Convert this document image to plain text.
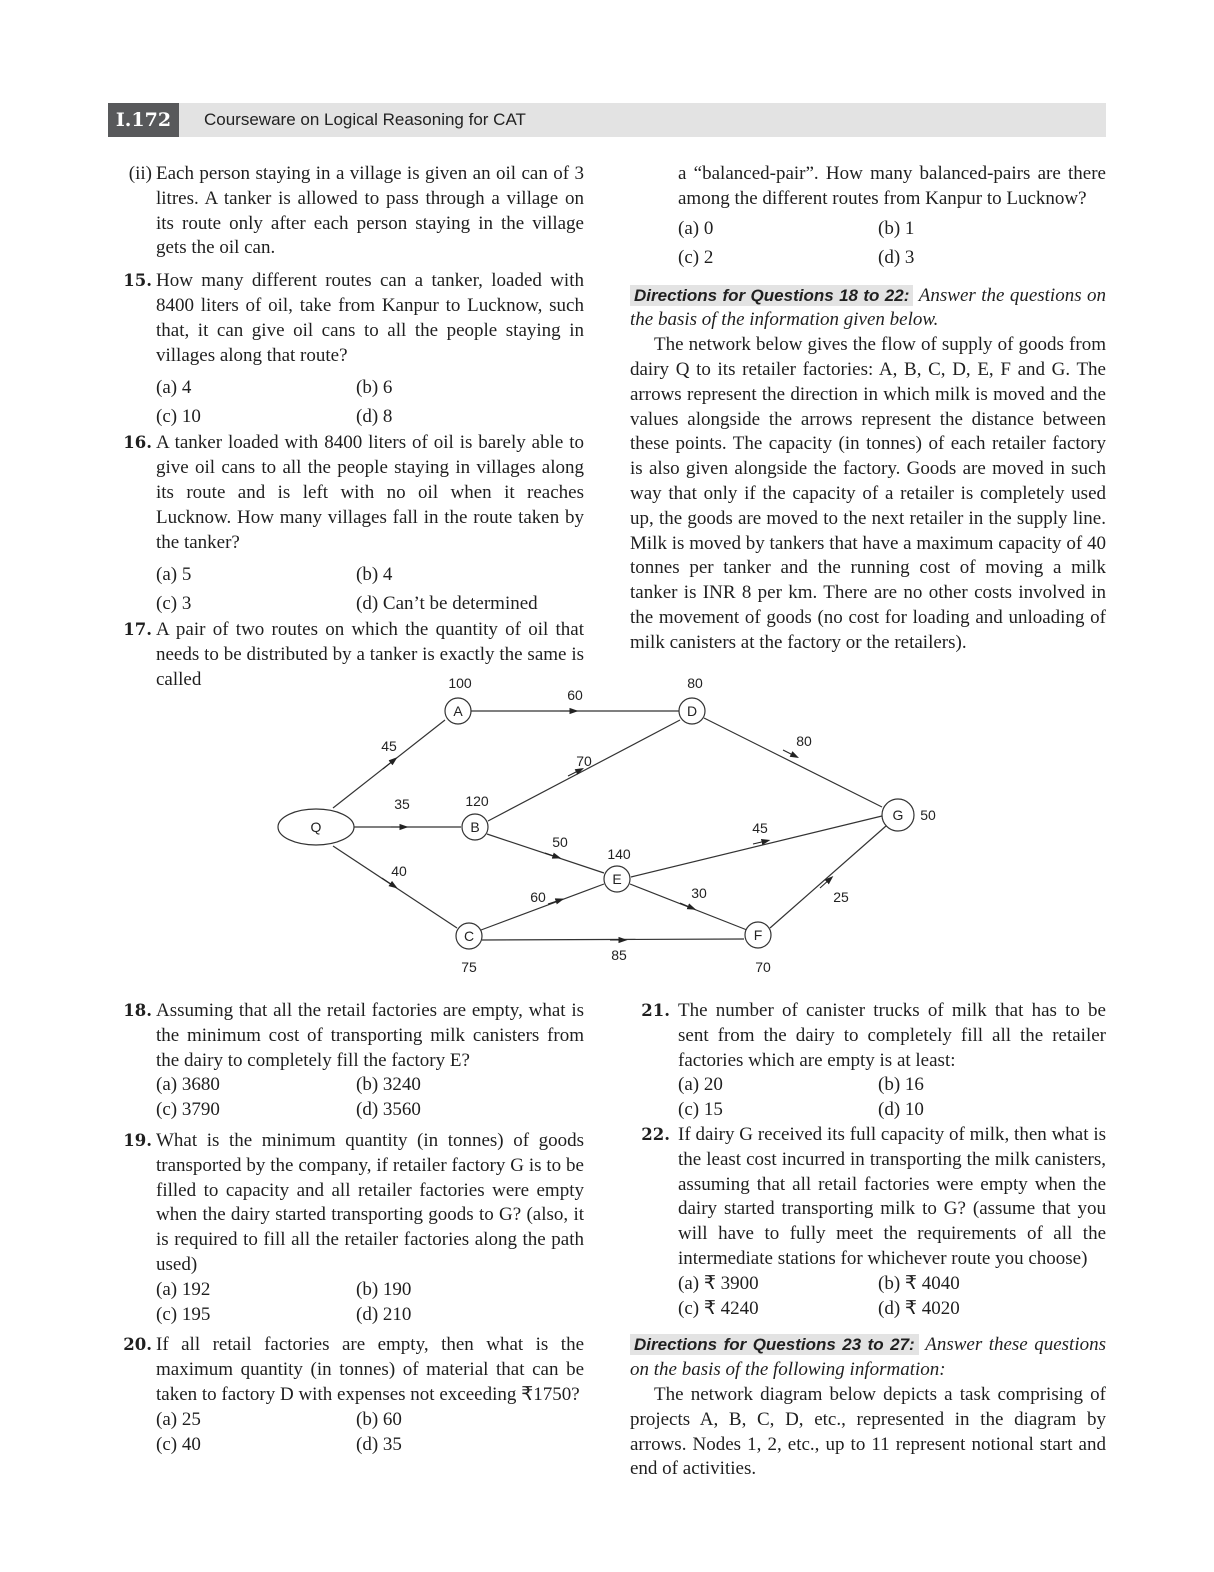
I.172	Courseware on Logical Reasoning for CAT
(ii) Each person staying in a village is given an oil can of 3 litres. A tanker is allowed to pass through a village on its route only after each person staying in the village gets the oil can.
15. How many different routes can a tanker, loaded with 8400 liters of oil, take from Kanpur to Lucknow, such that, it can give oil cans to all the people staying in villages along that route?
(a) 4	(b) 6
(c) 10	(d) 8
16. A tanker loaded with 8400 liters of oil is barely able to give oil cans to all the people staying in villages along its route and is left with no oil when it reaches Lucknow. How many villages fall in the route taken by the tanker?
(a) 5	(b) 4
(c) 3	(d) Can’t be determined
17. A pair of two routes on which the quantity of oil that needs to be distributed by a tanker is exactly the same is called
a “balanced-pair”. How many balanced-pairs are there among the different routes from Kanpur to Lucknow?
(a) 0	(b) 1
(c) 2	(d) 3
Directions for Questions 18 to 22: Answer the questions on the basis of the information given below.
The network below gives the flow of supply of goods from dairy Q to its retailer factories: A, B, C, D, E, F and G. The arrows represent the direction in which milk is moved and the values alongside the arrows represent the distance between these points. The capacity (in tonnes) of each retailer factory is also given alongside the factory. Goods are moved in such way that only if the capacity of a retailer is completely used up, the goods are moved to the next retailer in the supply line. Milk is moved by tankers that have a maximum capacity of 40 tonnes per tanker and the running cost of moving a milk tanker is INR 8 per km. There are no other costs involved in the movement of goods (no cost for loading and unloading of milk canisters at the factory or the retailers).
Q
A
B
C
D
E
F
G
100
120
75
80
140
70
50
45
35
40
60
70
50
60
85
45
30
80
25
18. Assuming that all the retail factories are empty, what is the minimum cost of transporting milk canisters from the dairy to completely fill the factory E?
(a) 3680	(b) 3240
(c) 3790	(d) 3560
19. What is the minimum quantity (in tonnes) of goods transported by the company, if retailer factory G is to be filled to capacity and all retailer factories were empty when the dairy started transporting goods to G? (also, it is required to fill all the retailer factories along the path used)
(a) 192	(b) 190
(c) 195	(d) 210
20. If all retail factories are empty, then what is the maximum quantity (in tonnes) of material that can be taken to factory D with expenses not exceeding ₹1750?
(a) 25	(b) 60
(c) 40	(d) 35
21. The number of canister trucks of milk that has to be sent from the dairy to completely fill all the retailer factories which are empty is at least:
(a) 20	(b) 16
(c) 15	(d) 10
22. If dairy G received its full capacity of milk, then what is the least cost incurred in transporting the milk canisters, assuming that all retail factories were empty when the dairy started transporting milk to G? (assume that you will have to fully meet the requirements of all the intermediate stations for whichever route you choose)
(a) ₹ 3900	(b) ₹ 4040
(c) ₹ 4240	(d) ₹ 4020
Directions for Questions 23 to 27: Answer these questions on the basis of the following information:
The network diagram below depicts a task comprising of projects A, B, C, D, etc., represented in the diagram by arrows. Nodes 1, 2, etc., up to 11 represent notional start and end of activities.
